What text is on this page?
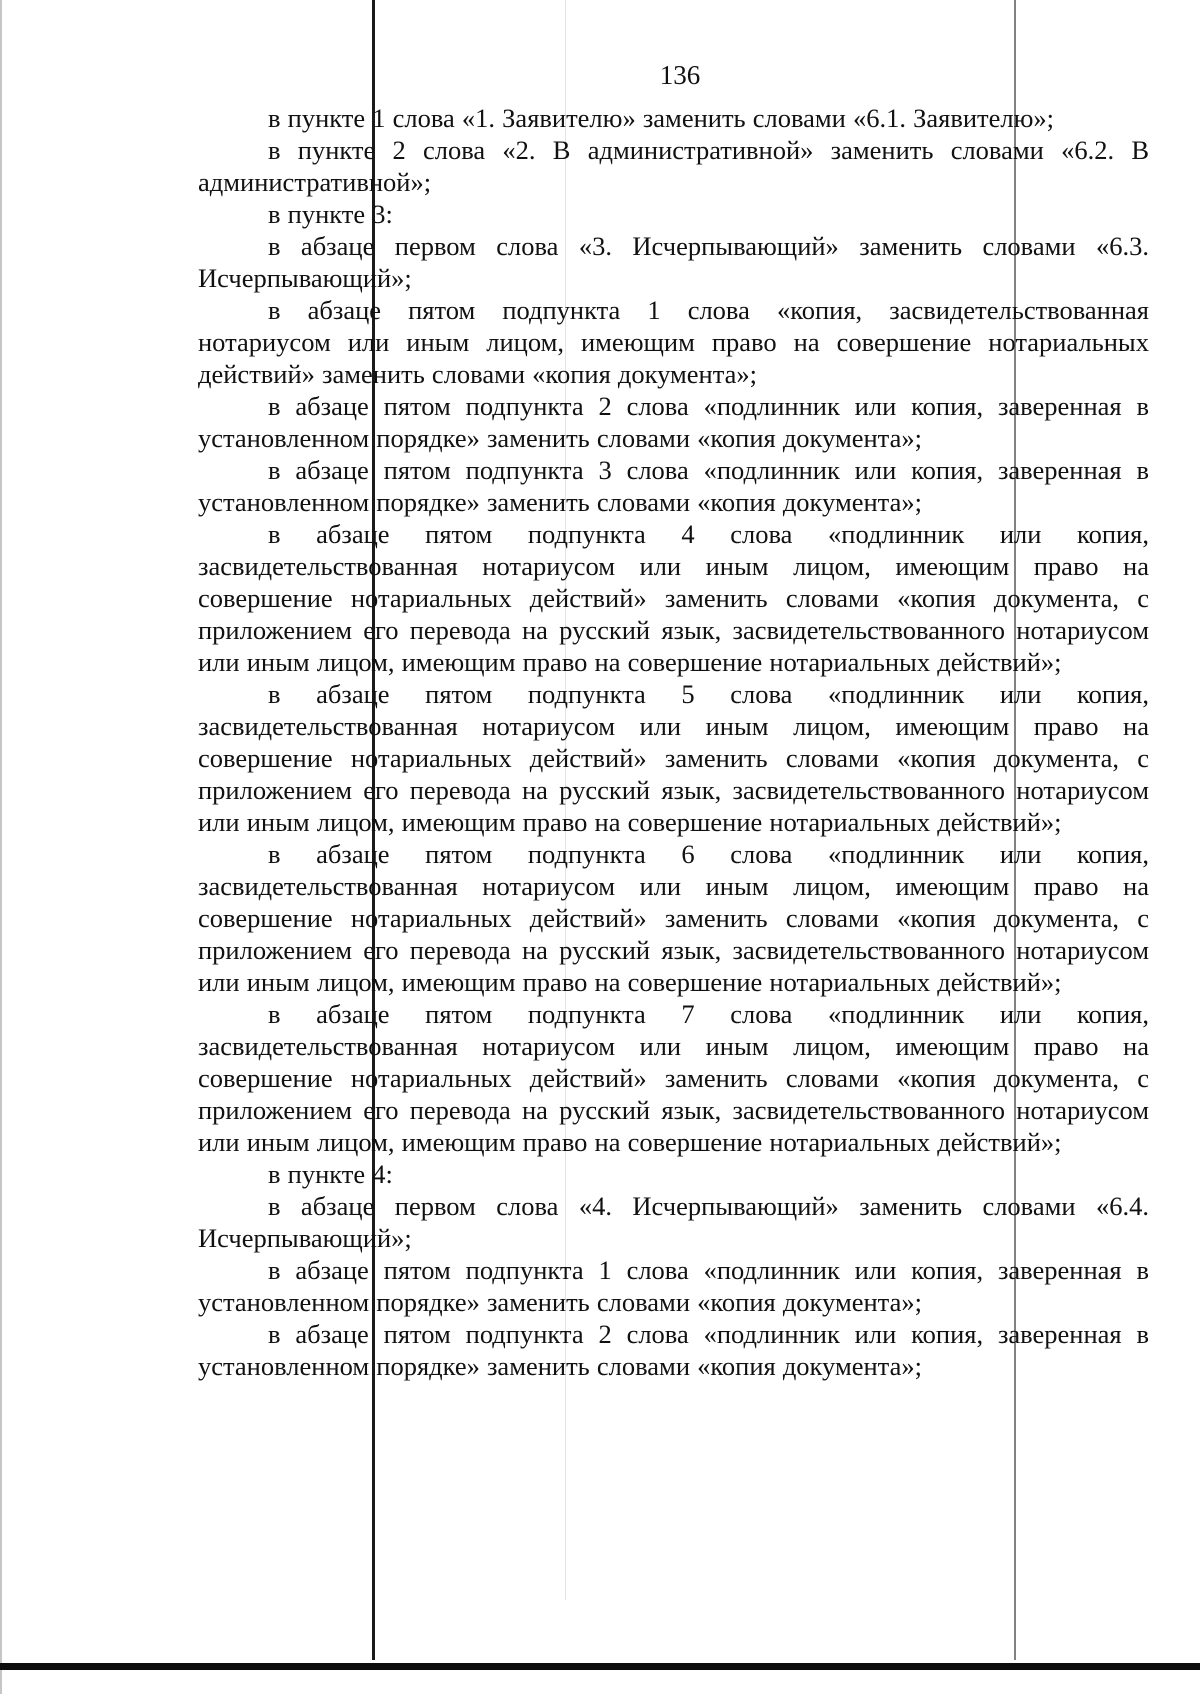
136

в пункте 1 слова «1. Заявителю» заменить словами «6.1. Заявителю»;

в пункте 2 слова «2. В административной» заменить словами «6.2. В административной»;

в пункте 3:

в абзаце первом слова «3. Исчерпывающий» заменить словами «6.3. Исчерпывающий»;

в абзаце пятом подпункта 1 слова «копия, засвидетельствованная нотариусом или иным лицом, имеющим право на совершение нотариальных действий» заменить словами «копия документа»;

в абзаце пятом подпункта 2 слова «подлинник или копия, заверенная в установленном порядке» заменить словами «копия документа»;

в абзаце пятом подпункта 3 слова «подлинник или копия, заверенная в установленном порядке» заменить словами «копия документа»;

в абзаце пятом подпункта 4 слова «подлинник или копия, засвидетельствованная нотариусом или иным лицом, имеющим право на совершение нотариальных действий» заменить словами «копия документа, с приложением его перевода на русский язык, засвидетельствованного нотариусом или иным лицом, имеющим право на совершение нотариальных действий»;

в абзаце пятом подпункта 5 слова «подлинник или копия, засвидетельствованная нотариусом или иным лицом, имеющим право на совершение нотариальных действий» заменить словами «копия документа, с приложением его перевода на русский язык, засвидетельствованного нотариусом или иным лицом, имеющим право на совершение нотариальных действий»;

в абзаце пятом подпункта 6 слова «подлинник или копия, засвидетельствованная нотариусом или иным лицом, имеющим право на совершение нотариальных действий» заменить словами «копия документа, с приложением его перевода на русский язык, засвидетельствованного нотариусом или иным лицом, имеющим право на совершение нотариальных действий»;

в абзаце пятом подпункта 7 слова «подлинник или копия, засвидетельствованная нотариусом или иным лицом, имеющим право на совершение нотариальных действий» заменить словами «копия документа, с приложением его перевода на русский язык, засвидетельствованного нотариусом или иным лицом, имеющим право на совершение нотариальных действий»;

в пункте 4:

в абзаце первом слова «4. Исчерпывающий» заменить словами «6.4. Исчерпывающий»;

в абзаце пятом подпункта 1 слова «подлинник или копия, заверенная в установленном порядке» заменить словами «копия документа»;

в абзаце пятом подпункта 2 слова «подлинник или копия, заверенная в установленном порядке» заменить словами «копия документа»;
